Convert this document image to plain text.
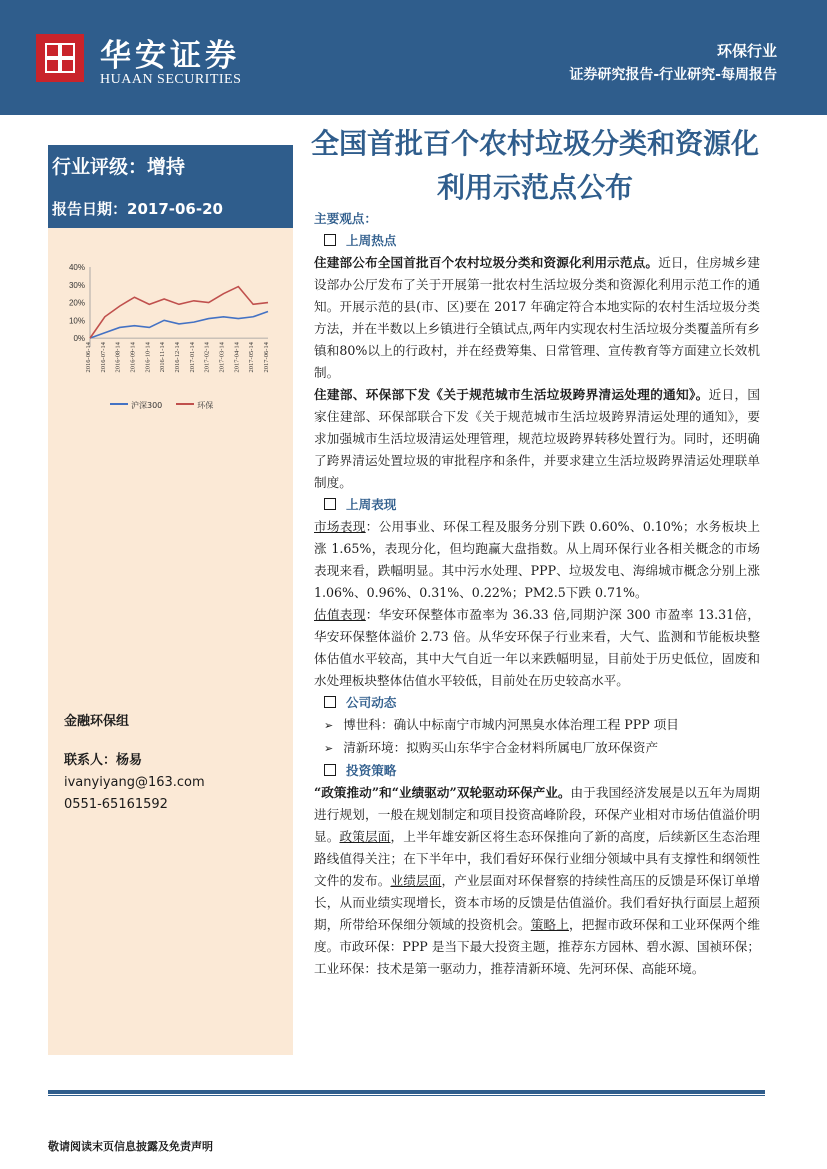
华安证券
HUAAN SECURITIES
环保行业
证券研究报告-行业研究-每周报告
行业评级：增持
报告日期：2017-06-20
40%
30%
20%
10%
0%
2016-06-14 2016-07-14 2016-08-14 2016-09-14 2016-10-14 2016-11-14 2016-12-14 2017-01-14 2017-02-14 2017-03-14 2017-04-14 2017-05-14 2017-06-14
沪深300	环保
金融环保组
联系人：杨易
ivanyiyang@163.com
0551-65161592
全国首批百个农村垃圾分类和资源化利用示范点公布

主要观点：

上周热点

住建部公布全国首批百个农村垃圾分类和资源化利用示范点。近日，住房城乡建设部办公厅发布了关于开展第一批农村生活垃圾分类和资源化利用示范工作的通知。开展示范的县(市、区)要在 2017 年确定符合本地实际的农村生活垃圾分类方法，并在半数以上乡镇进行全镇试点,两年内实现农村生活垃圾分类覆盖所有乡镇和80%以上的行政村，并在经费筹集、日常管理、宣传教育等方面建立长效机制。

住建部、环保部下发《关于规范城市生活垃圾跨界清运处理的通知》。近日，国家住建部、环保部联合下发《关于规范城市生活垃圾跨界清运处理的通知》，要求加强城市生活垃圾清运处理管理，规范垃圾跨界转移处置行为。同时，还明确了跨界清运处置垃圾的审批程序和条件，并要求建立生活垃圾跨界清运处理联单制度。

上周表现

市场表现：公用事业、环保工程及服务分别下跌 0.60%、0.10%；水务板块上涨 1.65%，表现分化，但均跑赢大盘指数。从上周环保行业各相关概念的市场表现来看，跌幅明显。其中污水处理、PPP、垃圾发电、海绵城市概念分别上涨 1.06%、0.96%、0.31%、0.22%；PM2.5下跌 0.71%。

估值表现：华安环保整体市盈率为 36.33 倍,同期沪深 300 市盈率 13.31倍，华安环保整体溢价 2.73 倍。从华安环保子行业来看，大气、监测和节能板块整体估值水平较高，其中大气自近一年以来跌幅明显，目前处于历史低位，固废和水处理板块整体估值水平较低，目前处在历史较高水平。

公司动态

➢ 博世科：确认中标南宁市城内河黑臭水体治理工程 PPP 项目

➢ 清新环境：拟购买山东华宇合金材料所属电厂放环保资产

投资策略

“政策推动”和“业绩驱动”双轮驱动环保产业。由于我国经济发展是以五年为周期进行规划，一般在规划制定和项目投资高峰阶段，环保产业相对市场估值溢价明显。政策层面，上半年雄安新区将生态环保推向了新的高度，后续新区生态治理路线值得关注；在下半年中，我们看好环保行业细分领域中具有支撑性和纲领性文件的发布。业绩层面，产业层面对环保督察的持续性高压的反馈是环保订单增长，从而业绩实现增长，资本市场的反馈是估值溢价。我们看好执行面层上超预期，所带给环保细分领域的投资机会。策略上，把握市政环保和工业环保两个维度。市政环保：PPP 是当下最大投资主题，推荐东方园林、碧水源、国祯环保；工业环保：技术是第一驱动力，推荐清新环境、先河环保、高能环境。

敬请阅读末页信息披露及免责声明
